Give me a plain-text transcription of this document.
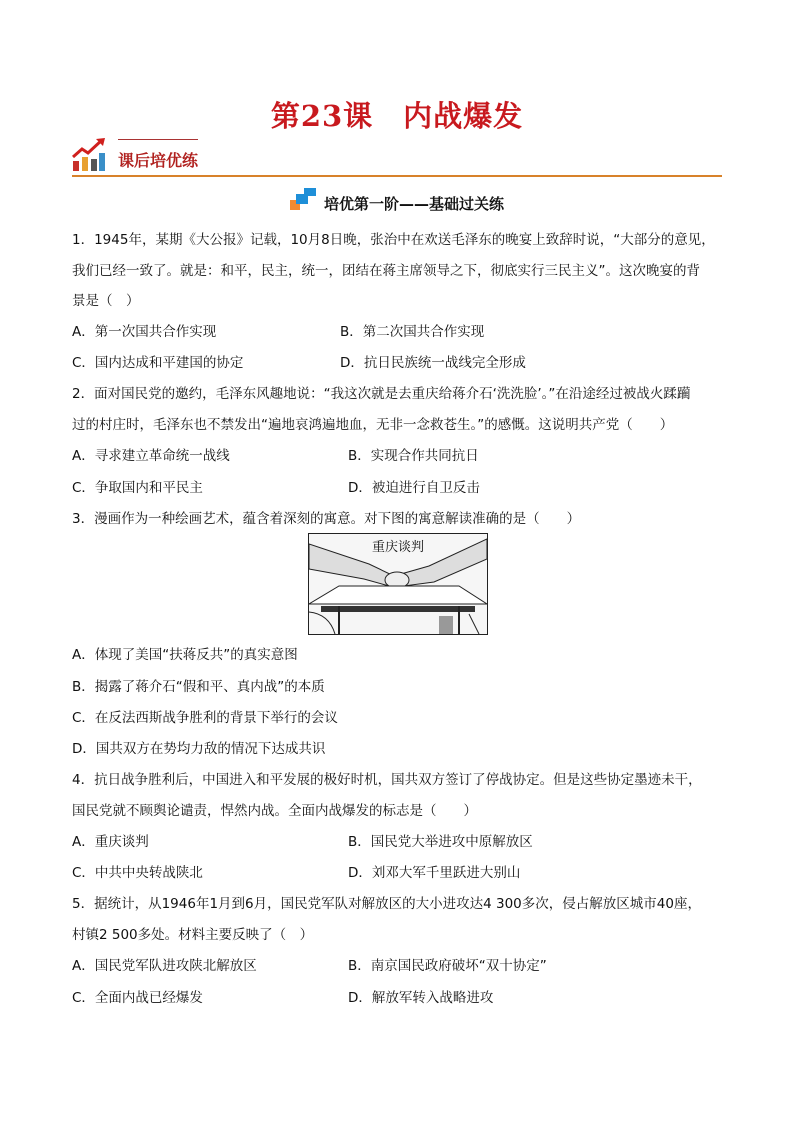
第23课　内战爆发
课后培优练
培优第一阶——基础过关练
1．1945年，某期《大公报》记载，10月8日晚，张治中在欢送毛泽东的晚宴上致辞时说，“大部分的意见，
我们已经一致了。就是：和平，民主，统一，团结在蒋主席领导之下，彻底实行三民主义”。这次晚宴的背
景是（　）
A．第一次国共合作实现	B．第二次国共合作实现
C．国内达成和平建国的协定	D．抗日民族统一战线完全形成
2．面对国民党的邀约，毛泽东风趣地说：“我这次就是去重庆给蒋介石‘洗洗脸’。”在沿途经过被战火蹂躏
过的村庄时，毛泽东也不禁发出“遍地哀鸿遍地血，无非一念救苍生。”的感慨。这说明共产党（　　）
A．寻求建立革命统一战线	B．实现合作共同抗日
C．争取国内和平民主	D．被迫进行自卫反击
3．漫画作为一种绘画艺术，蕴含着深刻的寓意。对下图的寓意解读准确的是（　　）
重庆谈判
A．体现了美国“扶蒋反共”的真实意图
B．揭露了蒋介石“假和平、真内战”的本质
C．在反法西斯战争胜利的背景下举行的会议
D．国共双方在势均力敌的情况下达成共识
4．抗日战争胜利后，中国进入和平发展的极好时机，国共双方签订了停战协定。但是这些协定墨迹未干，
国民党就不顾舆论谴责，悍然内战。全面内战爆发的标志是（　　）
A．重庆谈判	B．国民党大举进攻中原解放区
C．中共中央转战陕北	D．刘邓大军千里跃进大别山
5．据统计，从1946年1月到6月，国民党军队对解放区的大小进攻达4 300多次，侵占解放区城市40座，
村镇2 500多处。材料主要反映了（　）
A．国民党军队进攻陕北解放区	B．南京国民政府破坏“双十协定”
C．全面内战已经爆发	D．解放军转入战略进攻
